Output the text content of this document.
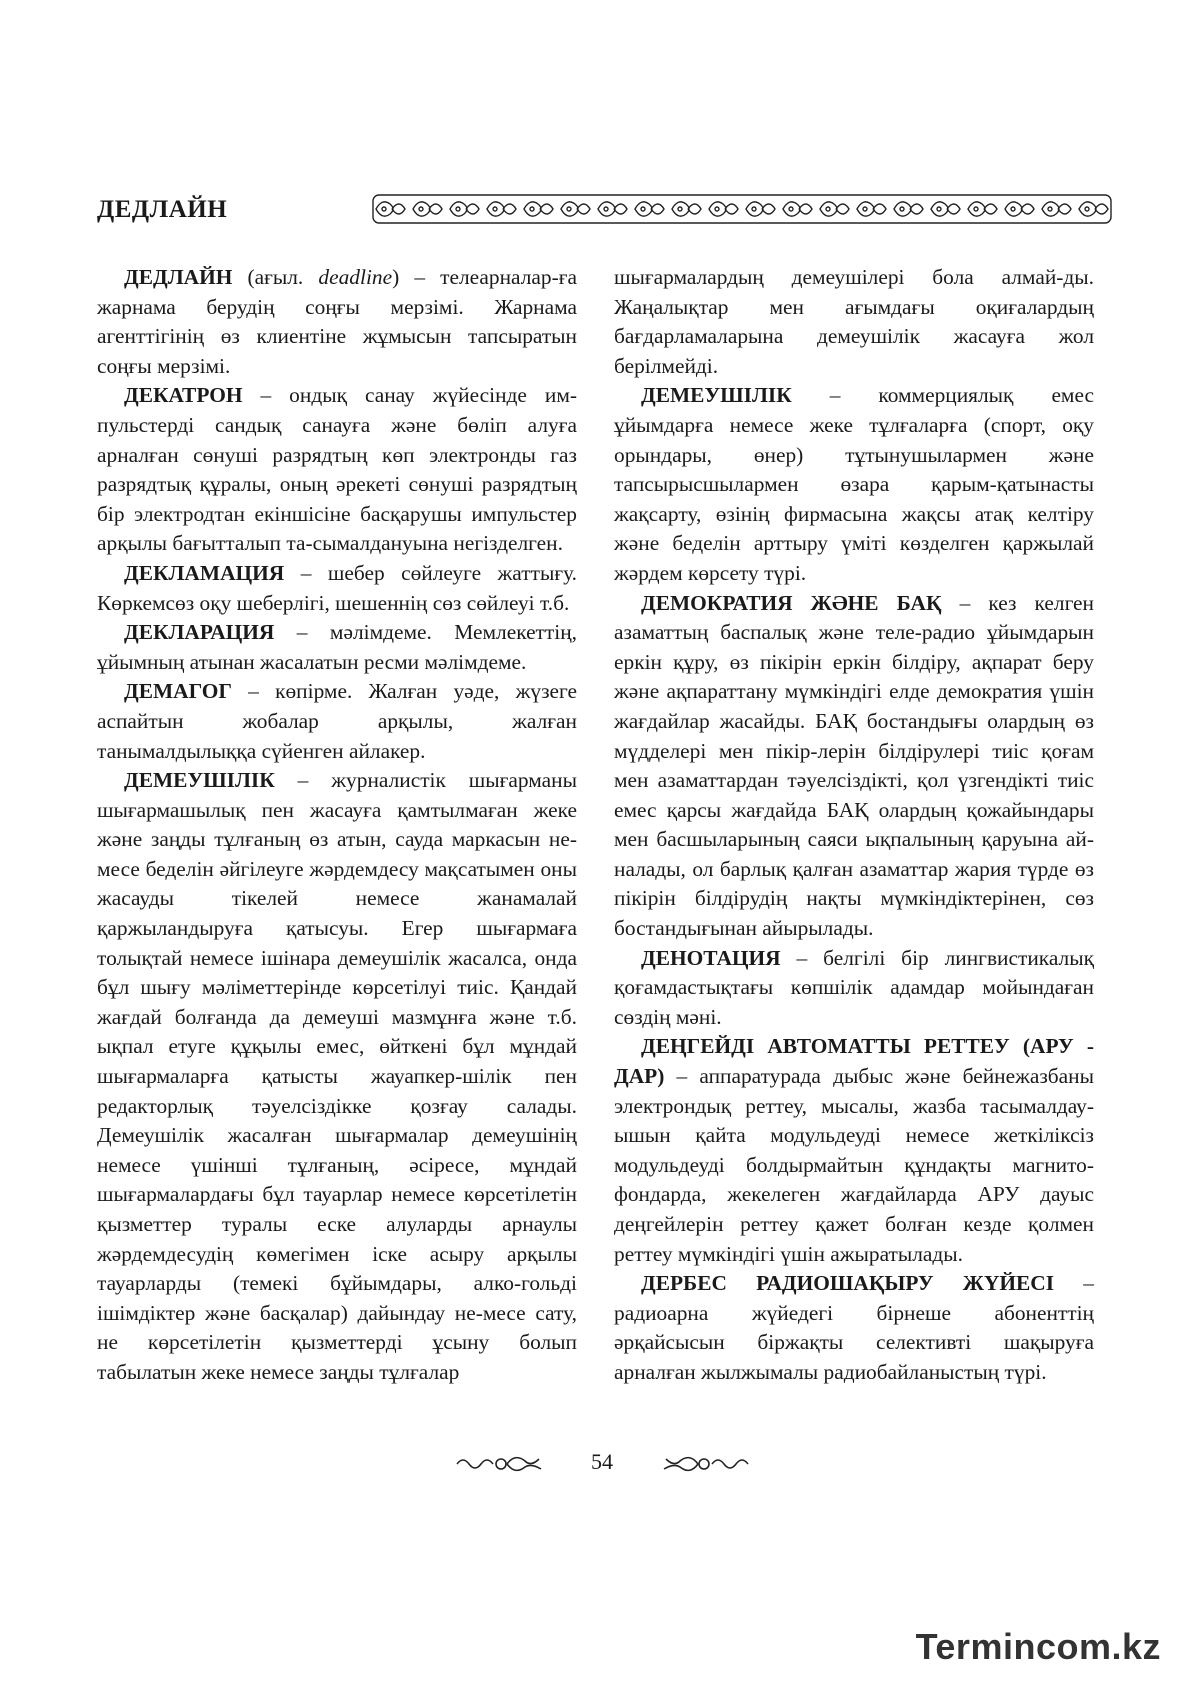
ДЕДЛАЙН

ДЕДЛАЙН (ағыл. deadline) – телеарналар-ға жарнама берудің соңғы мерзімі. Жарнама агенттігінің өз клиентіне жұмысын тапсыратын соңғы мерзімі.

ДЕКАТРОН – ондық санау жүйесінде им-пульстерді сандық санауға және бөліп алуға арналған сөнуші разрядтың көп электронды газ разрядтық құралы, оның әрекеті сөнуші разрядтың бір электродтан екіншісіне басқарушы импульстер арқылы бағытталып та-сымалдануына негізделген.

ДЕКЛАМАЦИЯ – шебер сөйлеуге жаттығу. Көркемсөз оқу шеберлігі, шешеннің сөз сөйлеуі т.б.

ДЕКЛАРАЦИЯ – мәлімдеме. Мемлекеттің, ұйымның атынан жасалатын ресми мәлімдеме.

ДЕМАГОГ – көпірме. Жалған уәде, жүзеге аспайтын жобалар арқылы, жалған танымалдылыққа сүйенген айлакер.

ДЕМЕУШІЛІК – журналистік шығарманы шығармашылық пен жасауға қамтылмаған жеке және заңды тұлғаның өз атын, сауда маркасын не-месе беделін әйгілеуге жәрдемдесу мақсатымен оны жасауды тікелей немесе жанамалай қаржыландыруға қатысуы. Егер шығармаға толықтай немесе ішінара демеушілік жасалса, онда бұл шығу мәліметтерінде көрсетілуі тиіс. Қандай жағдай болғанда да демеуші мазмұнға және т.б. ықпал етуге құқылы емес, өйткені бұл мұндай шығармаларға қатысты жауапкер-шілік пен редакторлық тәуелсіздікке қозғау салады. Демеушілік жасалған шығармалар демеушінің немесе үшінші тұлғаның, әсіресе, мұндай шығармалардағы бұл тауарлар немесе көрсетілетін қызметтер туралы еске алуларды арнаулы жәрдемдесудің көмегімен іске асыру арқылы тауарларды (темекі бұйымдары, алко-гольді ішімдіктер және басқалар) дайындау не-месе сату, не көрсетілетін қызметтерді ұсыну болып табылатын жеке немесе заңды тұлғалар

шығармалардың демеушілері бола алмай-ды. Жаңалықтар мен ағымдағы оқиғалардың бағдарламаларына демеушілік жасауға жол берілмейді.

ДЕМЕУШІЛІК – коммерциялық емес ұйымдарға немесе жеке тұлғаларға (спорт, оқу орындары, өнер) тұтынушылармен және тапсырысшылармен өзара қарым-қатынасты жақсарту, өзінің фирмасына жақсы атақ келтіру және беделін арттыру үміті көзделген қаржылай жәрдем көрсету түрі.

ДЕМОКРАТИЯ ЖӘНЕ БАҚ – кез келген азаматтың баспалық және теле-радио ұйымдарын еркін құру, өз пікірін еркін білдіру, ақпарат беру және ақпараттану мүмкіндігі елде демократия үшін жағдайлар жасайды. БАҚ бостандығы олардың өз мүдделері мен пікір-лерін білдірулері тиіс қоғам мен азаматтардан тәуелсіздікті, қол үзгендікті тиіс емес қарсы жағдайда БАҚ олардың қожайындары мен басшыларының саяси ықпалының қаруына ай-налады, ол барлық қалған азаматтар жария түрде өз пікірін білдірудің нақты мүмкіндіктерінен, сөз бостандығынан айырылады.

ДЕНОТАЦИЯ – белгілі бір лингвистикалық қоғамдастықтағы көпшілік адамдар мойындаған сөздің мәні.

ДЕҢГЕЙДІ АВТОМАТТЫ РЕТТЕУ (АРУ - ДАР) – аппаратурада дыбыс және бейнежазбаны электрондық реттеу, мысалы, жазба тасымалдау-ышын қайта модульдеуді немесе жеткіліксіз модульдеуді болдырмайтын құндақты магнито-фондарда, жекелеген жағдайларда АРУ дауыс деңгейлерін реттеу қажет болған кезде қолмен реттеу мүмкіндігі үшін ажыратылады.

ДЕРБЕС РАДИОШАҚЫРУ ЖҮЙЕСІ – радиоарна жүйедегі бірнеше абоненттің әрқайсысын біржақты селективті шақыруға арналған жылжымалы радиобайланыстың түрі.

54
Termincom.kz
